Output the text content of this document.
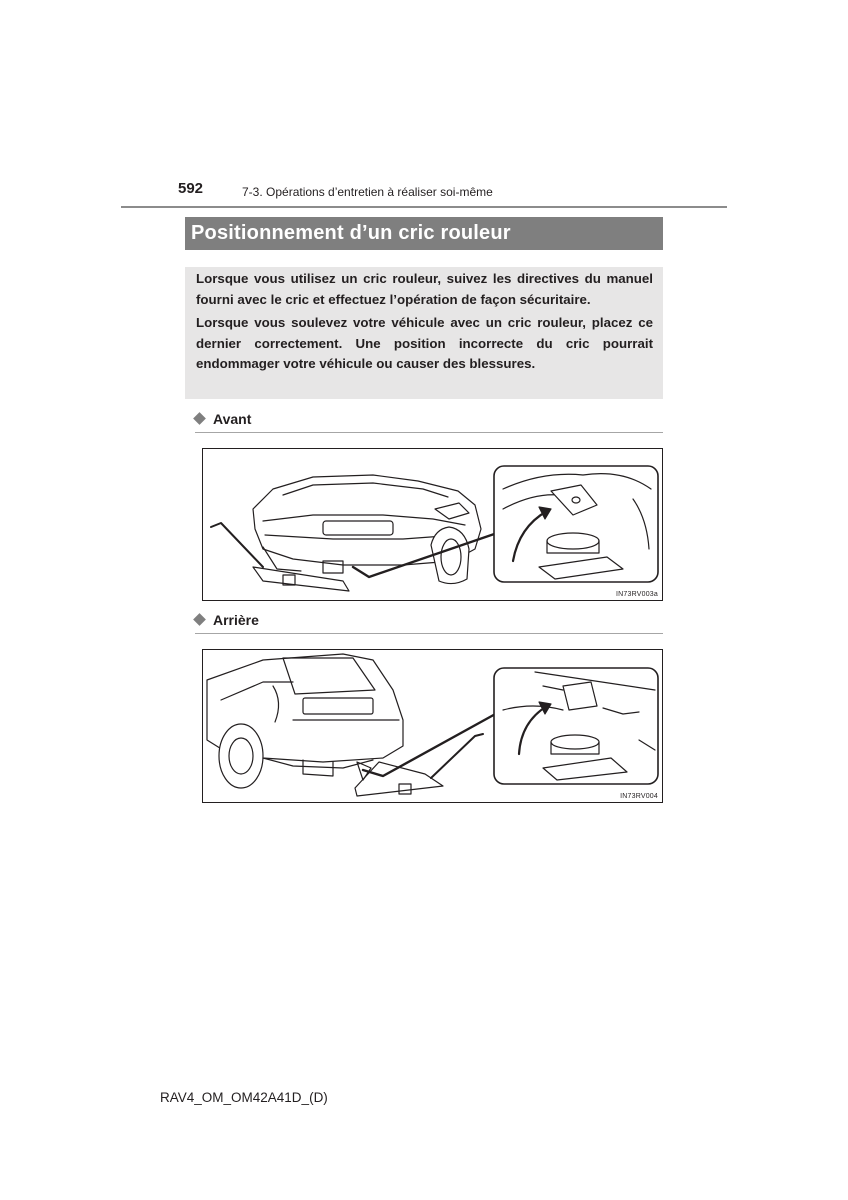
592	7-3. Opérations d’entretien à réaliser soi-même
Positionnement d’un cric rouleur

Lorsque vous utilisez un cric rouleur, suivez les directives du manuel fourni avec le cric et effectuez l’opération de façon sécuritaire.

Lorsque vous soulevez votre véhicule avec un cric rouleur, placez ce dernier correctement. Une position incorrecte du cric pourrait endommager votre véhicule ou causer des blessures.

Avant
IN73RV003a
Arrière
IN73RV004
RAV4_OM_OM42A41D_(D)
